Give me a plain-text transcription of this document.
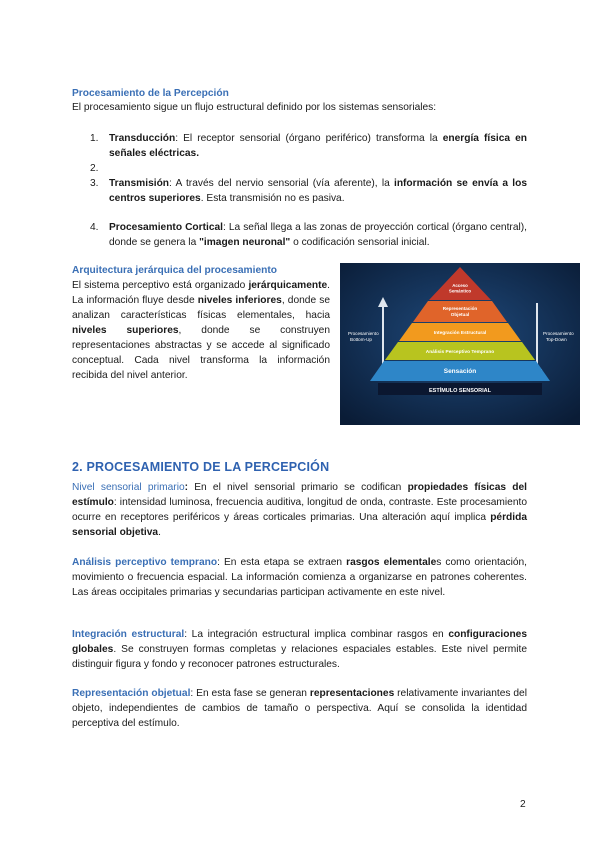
Procesamiento de la Percepción
El procesamiento sigue un flujo estructural definido por los sistemas sensoriales:
1. Transducción: El receptor sensorial (órgano periférico) transforma la energía física en señales eléctricas.
2.

3. Transmisión: A través del nervio sensorial (vía aferente), la información se envía a los centros superiores. Esta transmisión no es pasiva.
4. Procesamiento Cortical: La señal llega a las zonas de proyección cortical (órgano central), donde se genera la "imagen neuronal" o codificación sensorial inicial.
Arquitectura jerárquica del procesamiento
El sistema perceptivo está organizado jerárquicamente. La información fluye desde niveles inferiores, donde se analizan características físicas elementales, hacia niveles superiores, donde se construyen representaciones abstractas y se accede al significado conceptual. Cada nivel transforma la información recibida del nivel anterior.
Procesamiento Bottom-Up
Procesamiento Top-Down
ESTÍMULO SENSORIAL
Sensación
Análisis Perceptivo Temprano
Integración Estructural
Representación Objetual
Acceso Semántico
2. PROCESAMIENTO DE LA PERCEPCIÓN
Nivel sensorial primario: En el nivel sensorial primario se codifican propiedades físicas del estímulo: intensidad luminosa, frecuencia auditiva, longitud de onda, contraste. Este procesamiento ocurre en receptores periféricos y áreas corticales primarias. Una alteración aquí implica pérdida sensorial objetiva.
Análisis perceptivo temprano: En esta etapa se extraen rasgos elementales como orientación, movimiento o frecuencia espacial. La información comienza a organizarse en patrones coherentes. Las áreas occipitales primarias y secundarias participan activamente en este nivel.
Integración estructural: La integración estructural implica combinar rasgos en configuraciones globales. Se construyen formas completas y relaciones espaciales estables. Este nivel permite distinguir figura y fondo y reconocer patrones estructurales.
Representación objetual: En esta fase se generan representaciones relativamente invariantes del objeto, independientes de cambios de tamaño o perspectiva. Aquí se consolida la identidad perceptiva del estímulo.
2
